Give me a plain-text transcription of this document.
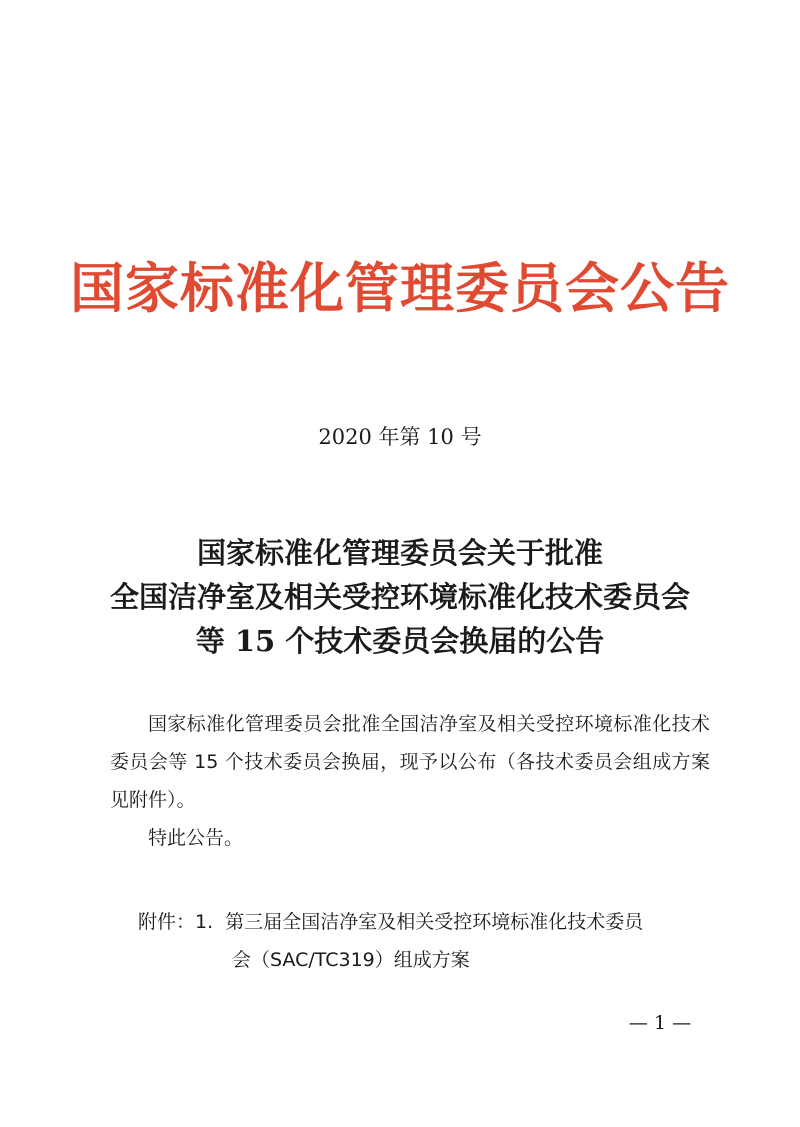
国家标准化管理委员会公告
2020 年第 10 号
国家标准化管理委员会关于批准
全国洁净室及相关受控环境标准化技术委员会
等 15 个技术委员会换届的公告

国家标准化管理委员会批准全国洁净室及相关受控环境标准化技术委员会等 15 个技术委员会换届，现予以公布（各技术委员会组成方案见附件）。

特此公告。

附件：1. 第三届全国洁净室及相关受控环境标准化技术委员
会（SAC/TC319）组成方案
— 1 —
